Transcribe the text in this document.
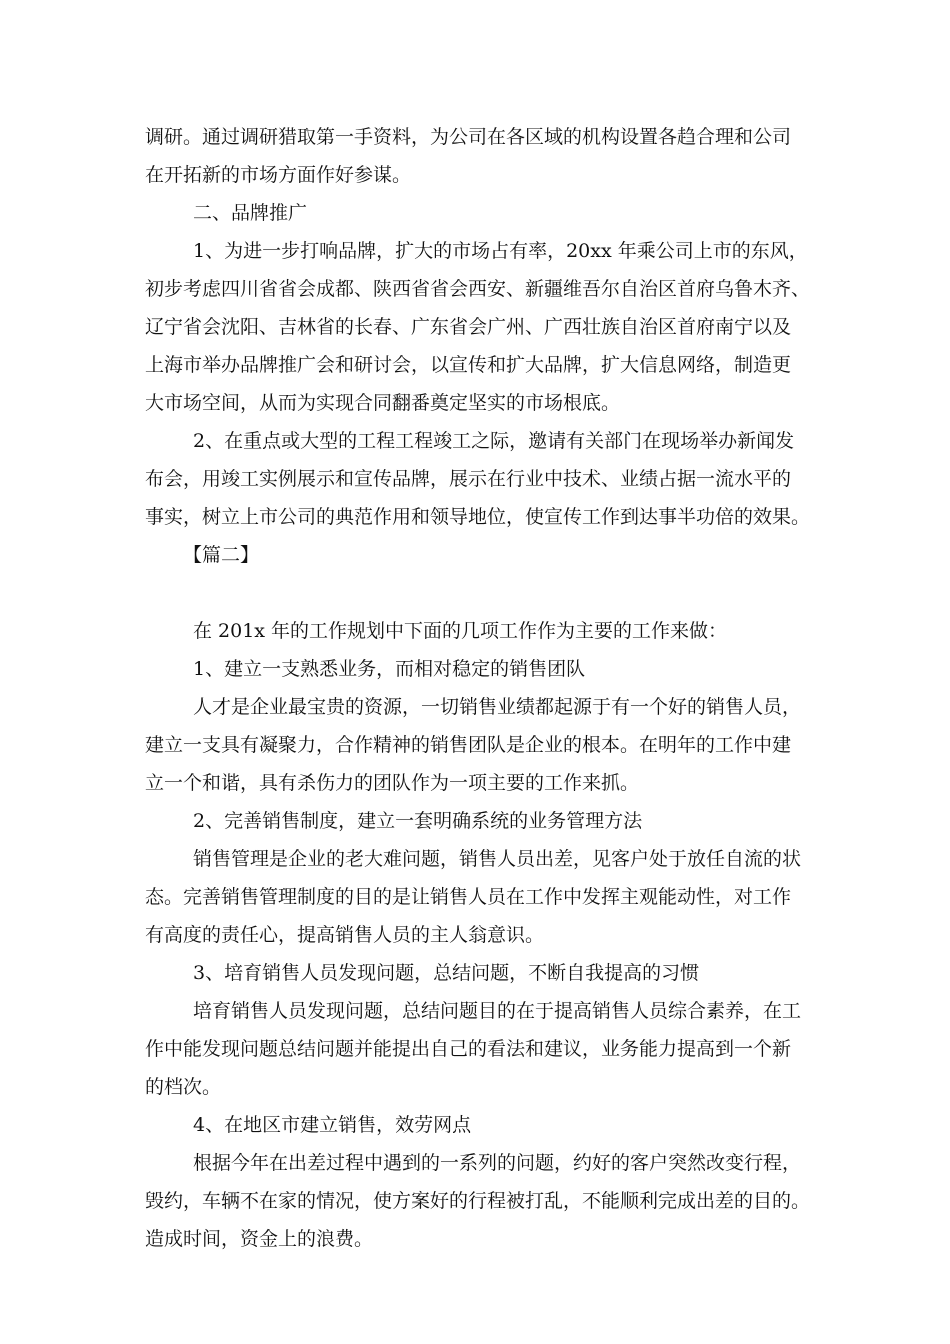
调研。通过调研猎取第一手资料，为公司在各区域的机构设置各趋合理和公司
在开拓新的市场方面作好参谋。
二、品牌推广
1、为进一步打响品牌，扩大的市场占有率，20xx 年乘公司上市的东风，
初步考虑四川省省会成都、陕西省省会西安、新疆维吾尔自治区首府乌鲁木齐、
辽宁省会沈阳、吉林省的长春、广东省会广州、广西壮族自治区首府南宁以及
上海市举办品牌推广会和研讨会，以宣传和扩大品牌，扩大信息网络，制造更
大市场空间，从而为实现合同翻番奠定坚实的市场根底。
2、在重点或大型的工程工程竣工之际，邀请有关部门在现场举办新闻发
布会，用竣工实例展示和宣传品牌，展示在行业中技术、业绩占据一流水平的
事实，树立上市公司的典范作用和领导地位，使宣传工作到达事半功倍的效果。
【篇二】
在 201x 年的工作规划中下面的几项工作作为主要的工作来做：
1、建立一支熟悉业务，而相对稳定的销售团队
人才是企业最宝贵的资源，一切销售业绩都起源于有一个好的销售人员，
建立一支具有凝聚力，合作精神的销售团队是企业的根本。在明年的工作中建
立一个和谐，具有杀伤力的团队作为一项主要的工作来抓。
2、完善销售制度，建立一套明确系统的业务管理方法
销售管理是企业的老大难问题，销售人员出差，见客户处于放任自流的状
态。完善销售管理制度的目的是让销售人员在工作中发挥主观能动性，对工作
有高度的责任心，提高销售人员的主人翁意识。
3、培育销售人员发现问题，总结问题，不断自我提高的习惯
培育销售人员发现问题，总结问题目的在于提高销售人员综合素养，在工
作中能发现问题总结问题并能提出自己的看法和建议，业务能力提高到一个新
的档次。
4、在地区市建立销售，效劳网点
根据今年在出差过程中遇到的一系列的问题，约好的客户突然改变行程，
毁约，车辆不在家的情况，使方案好的行程被打乱，不能顺利完成出差的目的。
造成时间，资金上的浪费。
